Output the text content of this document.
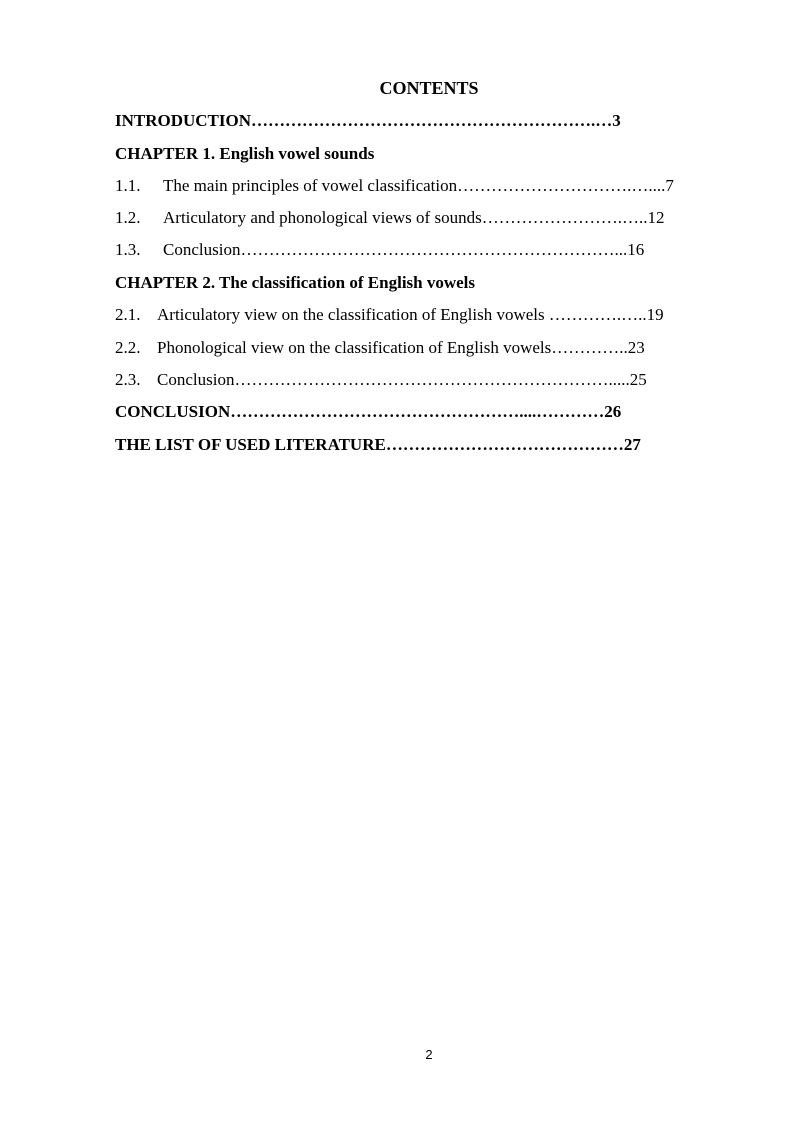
CONTENTS
INTRODUCTION…………………………………………………….…3
CHAPTER 1. English vowel sounds
1.1. The main principles of vowel classification………………………….…....7
1.2. Articulatory and phonological views of sounds…………………….…..12
1.3. Conclusion…………………………………………………………...16
CHAPTER 2. The classification of English vowels
2.1. Articulatory view on the classification of English vowels ………….…..19
2.2. Phonological view on the classification of English vowels…………..23
2.3. Conclusion………………………………………………………….....25
CONCLUSION……………………………………………....…………26
THE LIST OF USED LITERATURE……………………………………27
2
